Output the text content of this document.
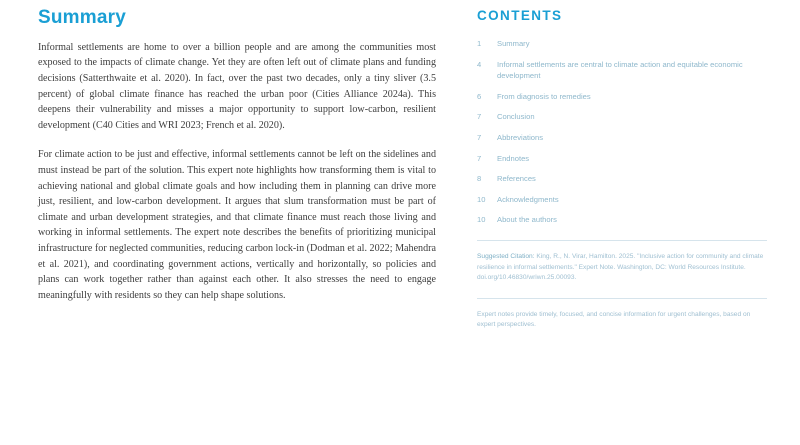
Summary

Informal settlements are home to over a billion people and are among the communities most exposed to the impacts of climate change. Yet they are often left out of climate plans and funding decisions (Satterthwaite et al. 2020). In fact, over the past two decades, only a tiny sliver (3.5 percent) of global climate finance has reached the urban poor (Cities Alliance 2024a). This deepens their vulnerability and misses a major opportunity to support low-carbon, resilient development (C40 Cities and WRI 2023; French et al. 2020).

For climate action to be just and effective, informal settlements cannot be left on the sidelines and must instead be part of the solution. This expert note highlights how transforming them is vital to achieving national and global climate goals and how including them in planning can drive more just, resilient, and low-carbon development. It argues that slum transformation must be part of climate and urban development strategies, and that climate finance must reach those living and working in informal settlements. The expert note describes the benefits of prioritizing municipal infrastructure for neglected communities, reducing carbon lock-in (Dodman et al. 2022; Mahendra et al. 2021), and coordinating government actions, vertically and horizontally, so policies and plans can work together rather than against each other. It also stresses the need to engage meaningfully with residents so they can help shape solutions.

CONTENTS
1	Summary
4	Informal settlements are central to climate action and equitable economic development
6	From diagnosis to remedies
7	Conclusion
7	Abbreviations
7	Endnotes
8	References
10	Acknowledgments
10	About the authors
Suggested Citation: King, R., N. Virar, Hamilton. 2025. "Inclusive action for community and climate resilience in informal settlements." Expert Note. Washington, DC: World Resources Institute. doi.org/10.46830/wriwn.25.00093.
Expert notes provide timely, focused, and concise information for urgent challenges, based on expert perspectives.
